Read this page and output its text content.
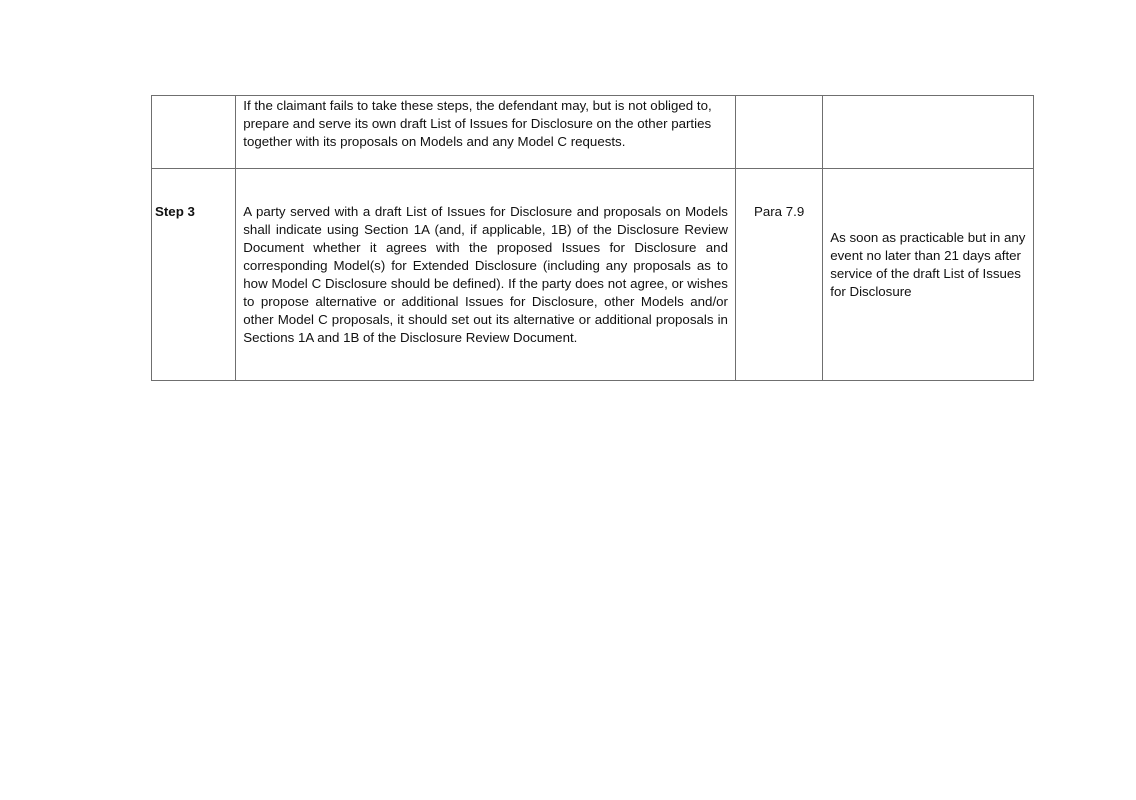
	If the claimant fails to take these steps, the defendant may, but is not obliged to, prepare and serve its own draft List of Issues for Disclosure on the other parties together with its proposals on Models and any Model C requests.		

Step 3	A party served with a draft List of Issues for Disclosure and proposals on Models shall indicate using Section 1A (and, if applicable, 1B) of the Disclosure Review Document whether it agrees with the proposed Issues for Disclosure and corresponding Model(s) for Extended Disclosure (including any proposals as to how Model C Disclosure should be defined). If the party does not agree, or wishes to propose alternative or additional Issues for Disclosure, other Models and/or other Model C proposals, it should set out its alternative or additional proposals in Sections 1A and 1B of the Disclosure Review Document.	Para 7.9	As soon as practicable but in any event no later than 21 days after service of the draft List of Issues for Disclosure
